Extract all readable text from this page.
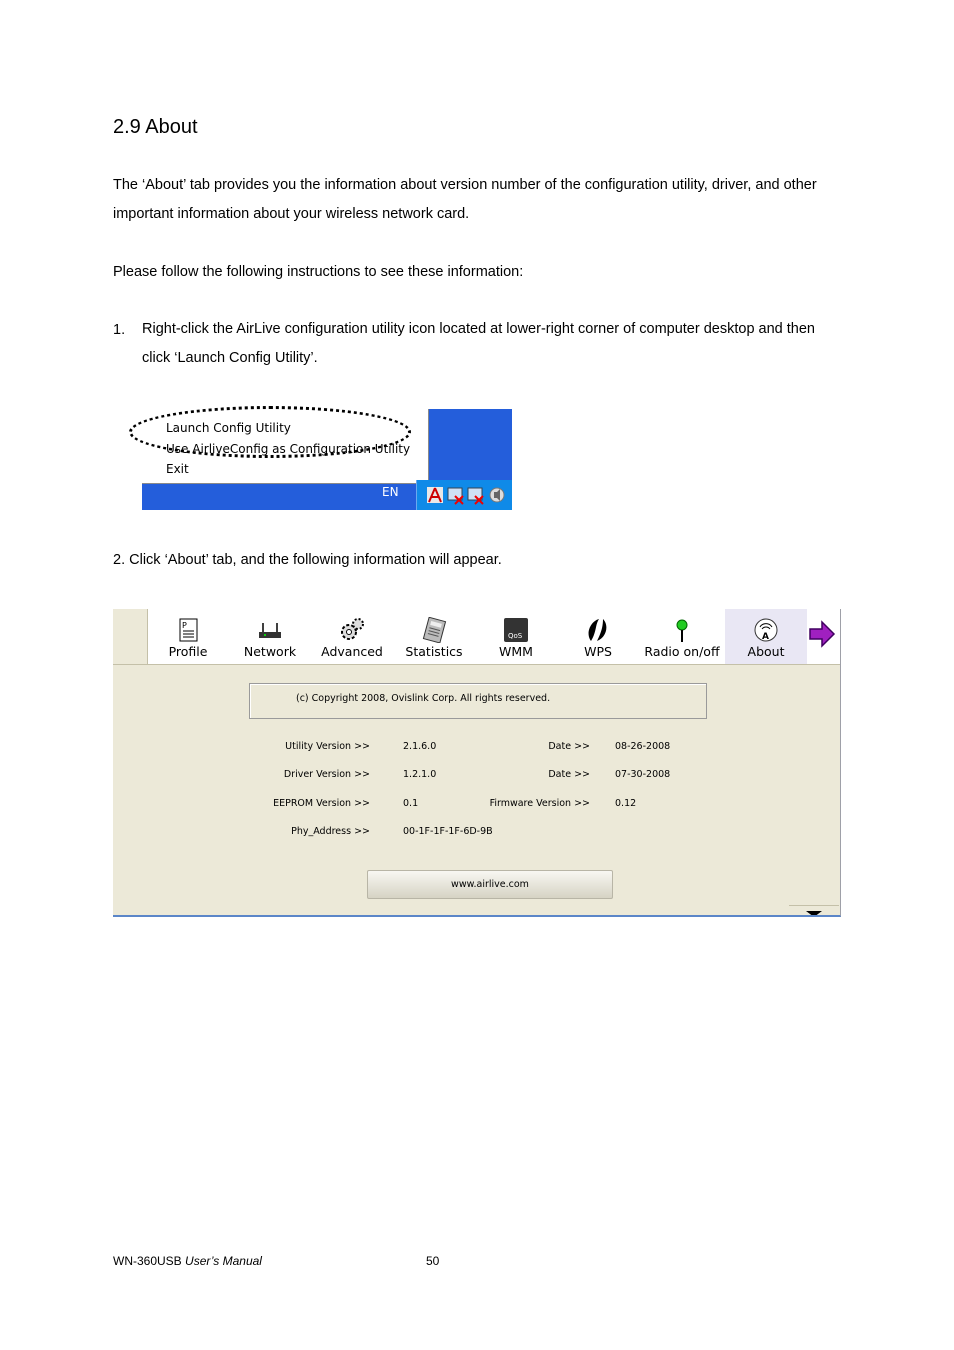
2.9 About
The ‘About’ tab provides you the information about version number of the configuration utility, driver, and other important information about your wireless network card.
Please follow the following instructions to see these information:
1. Right-click the AirLive configuration utility icon located at lower-right corner of computer desktop and then click ‘Launch Config Utility’.
Launch Config Utility
Use AirliveConfig as Configuration Utility
Exit
EN
2. Click ‘About’ tab, and the following information will appear.
P
Profile	Network	Advanced	Statistics
QoS
WMM	WPS	Radio on/off
A
About
(c) Copyright 2008, Ovislink Corp. All rights reserved.
Utility Version >>	2.1.6.0	Date >>	08-26-2008
Driver Version >>	1.2.1.0	Date >>	07-30-2008
EEPROM Version >>	0.1	Firmware Version >>	0.12
Phy_Address >>	00-1F-1F-1F-6D-9B
www.airlive.com
WN-360USB User’s Manual	50
